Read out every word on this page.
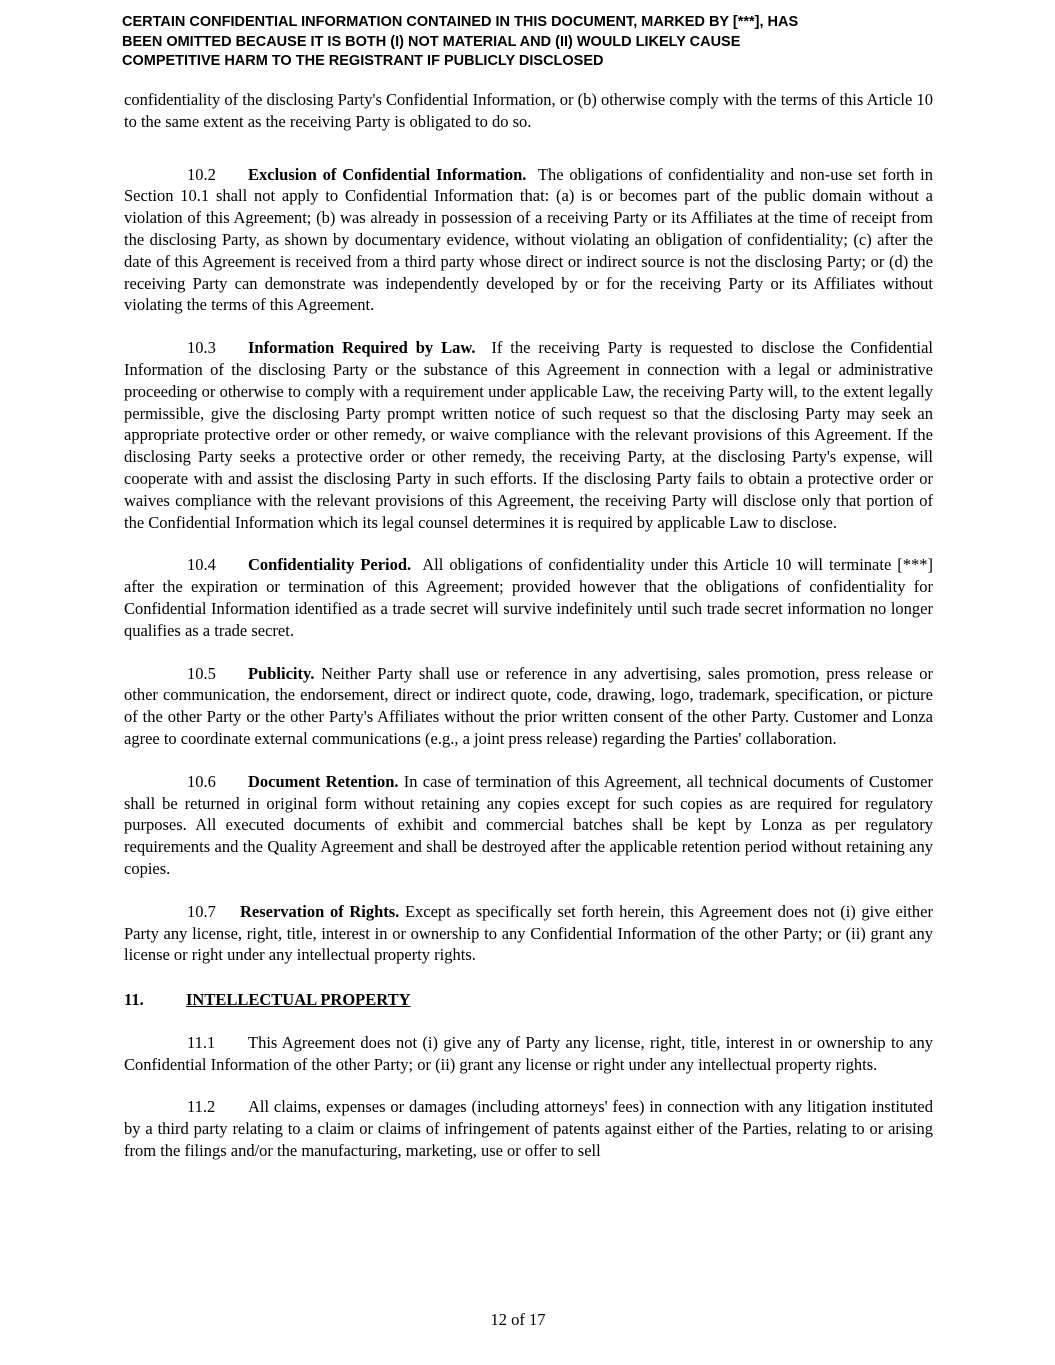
CERTAIN CONFIDENTIAL INFORMATION CONTAINED IN THIS DOCUMENT, MARKED BY [***], HAS
BEEN OMITTED BECAUSE IT IS BOTH (I) NOT MATERIAL AND (II) WOULD LIKELY CAUSE
COMPETITIVE HARM TO THE REGISTRANT IF PUBLICLY DISCLOSED

confidentiality of the disclosing Party's Confidential Information, or (b) otherwise comply with the terms of this Article 10 to the same extent as the receiving Party is obligated to do so.

10.2 Exclusion of Confidential Information. The obligations of confidentiality and non-use set forth in Section 10.1 shall not apply to Confidential Information that: (a) is or becomes part of the public domain without a violation of this Agreement; (b) was already in possession of a receiving Party or its Affiliates at the time of receipt from the disclosing Party, as shown by documentary evidence, without violating an obligation of confidentiality; (c) after the date of this Agreement is received from a third party whose direct or indirect source is not the disclosing Party; or (d) the receiving Party can demonstrate was independently developed by or for the receiving Party or its Affiliates without violating the terms of this Agreement.

10.3 Information Required by Law. If the receiving Party is requested to disclose the Confidential Information of the disclosing Party or the substance of this Agreement in connection with a legal or administrative proceeding or otherwise to comply with a requirement under applicable Law, the receiving Party will, to the extent legally permissible, give the disclosing Party prompt written notice of such request so that the disclosing Party may seek an appropriate protective order or other remedy, or waive compliance with the relevant provisions of this Agreement. If the disclosing Party seeks a protective order or other remedy, the receiving Party, at the disclosing Party's expense, will cooperate with and assist the disclosing Party in such efforts. If the disclosing Party fails to obtain a protective order or waives compliance with the relevant provisions of this Agreement, the receiving Party will disclose only that portion of the Confidential Information which its legal counsel determines it is required by applicable Law to disclose.

10.4 Confidentiality Period. All obligations of confidentiality under this Article 10 will terminate [***] after the expiration or termination of this Agreement; provided however that the obligations of confidentiality for Confidential Information identified as a trade secret will survive indefinitely until such trade secret information no longer qualifies as a trade secret.

10.5 Publicity. Neither Party shall use or reference in any advertising, sales promotion, press release or other communication, the endorsement, direct or indirect quote, code, drawing, logo, trademark, specification, or picture of the other Party or the other Party's Affiliates without the prior written consent of the other Party. Customer and Lonza agree to coordinate external communications (e.g., a joint press release) regarding the Parties' collaboration.

10.6 Document Retention. In case of termination of this Agreement, all technical documents of Customer shall be returned in original form without retaining any copies except for such copies as are required for regulatory purposes. All executed documents of exhibit and commercial batches shall be kept by Lonza as per regulatory requirements and the Quality Agreement and shall be destroyed after the applicable retention period without retaining any copies.

10.7 Reservation of Rights. Except as specifically set forth herein, this Agreement does not (i) give either Party any license, right, title, interest in or ownership to any Confidential Information of the other Party; or (ii) grant any license or right under any intellectual property rights.

11.	INTELLECTUAL PROPERTY

11.1 This Agreement does not (i) give any of Party any license, right, title, interest in or ownership to any Confidential Information of the other Party; or (ii) grant any license or right under any intellectual property rights.

11.2 All claims, expenses or damages (including attorneys' fees) in connection with any litigation instituted by a third party relating to a claim or claims of infringement of patents against either of the Parties, relating to or arising from the filings and/or the manufacturing, marketing, use or offer to sell

12 of 17
